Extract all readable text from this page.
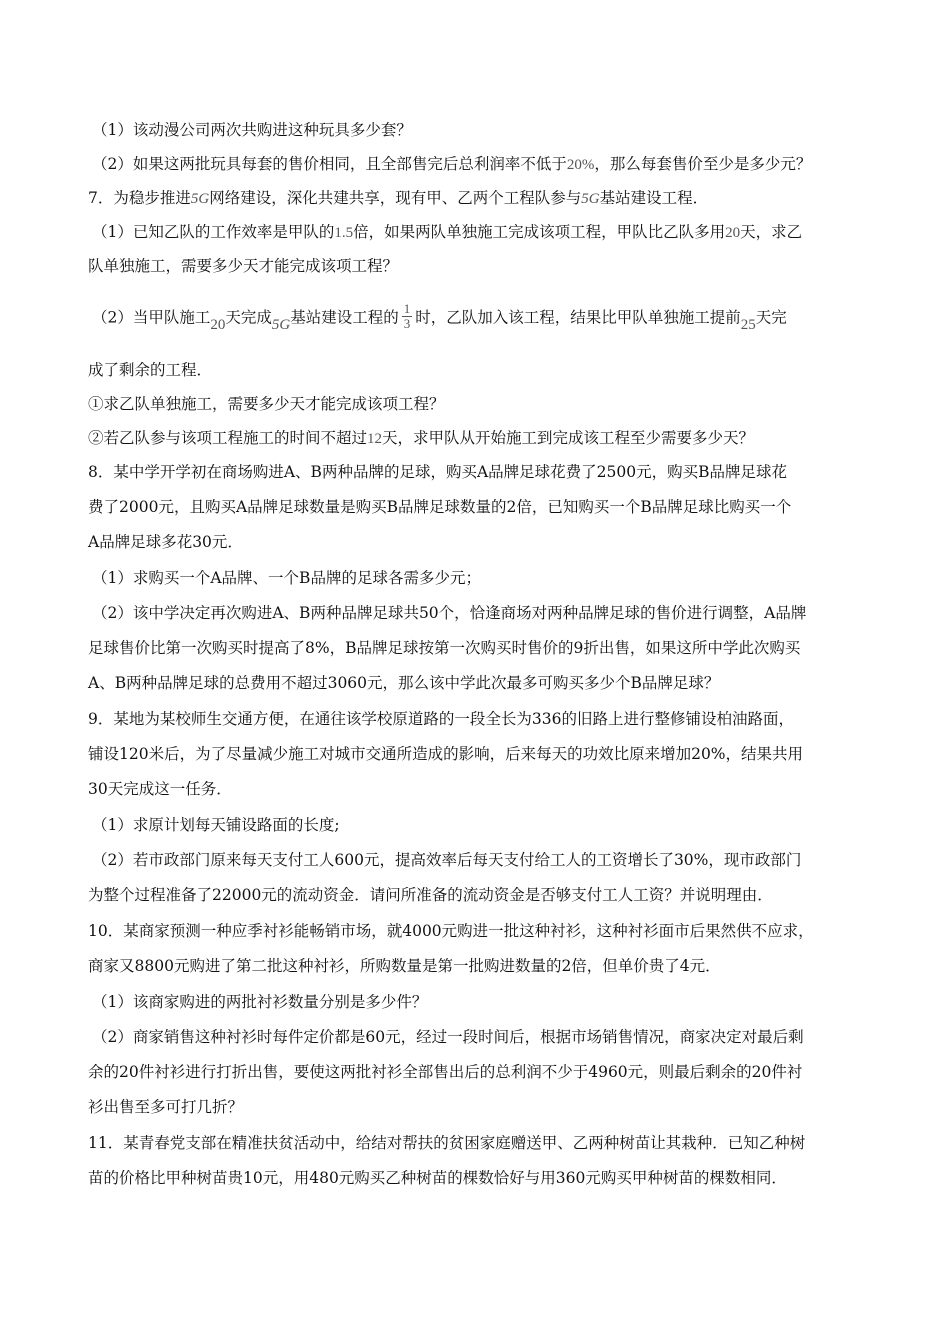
（1）该动漫公司两次共购进这种玩具多少套？
（2）如果这两批玩具每套的售价相同，且全部售完后总利润率不低于20%，那么每套售价至少是多少元？
7．为稳步推进5G网络建设，深化共建共享，现有甲、乙两个工程队参与5G基站建设工程．
（1）已知乙队的工作效率是甲队的1.5倍，如果两队单独施工完成该项工程，甲队比乙队多用20天，求乙
队单独施工，需要多少天才能完成该项工程？
（2）当甲队施工20天完成5G基站建设工程的 $\frac{1}{3}$ 时，乙队加入该工程，结果比甲队单独施工提前25天完
成了剩余的工程．
①求乙队单独施工，需要多少天才能完成该项工程？
②若乙队参与该项工程施工的时间不超过12天，求甲队从开始施工到完成该工程至少需要多少天？
8．某中学开学初在商场购进A、B两种品牌的足球，购买A品牌足球花费了2500元，购买B品牌足球花
费了2000元，且购买A品牌足球数量是购买B品牌足球数量的2倍，已知购买一个B品牌足球比购买一个
A品牌足球多花30元．
（1）求购买一个A品牌、一个B品牌的足球各需多少元；
（2）该中学决定再次购进A、B两种品牌足球共50个，恰逢商场对两种品牌足球的售价进行调整，A品牌
足球售价比第一次购买时提高了8%，B品牌足球按第一次购买时售价的9折出售，如果这所中学此次购买
A、B两种品牌足球的总费用不超过3060元，那么该中学此次最多可购买多少个B品牌足球？
9．某地为某校师生交通方便，在通往该学校原道路的一段全长为336的旧路上进行整修铺设柏油路面，
铺设120米后，为了尽量减少施工对城市交通所造成的影响，后来每天的功效比原来增加20%，结果共用
30天完成这一任务．
（1）求原计划每天铺设路面的长度;
（2）若市政部门原来每天支付工人600元，提高效率后每天支付给工人的工资增长了30%，现市政部门
为整个过程准备了22000元的流动资金．请问所准备的流动资金是否够支付工人工资？并说明理由．
10．某商家预测一种应季衬衫能畅销市场，就4000元购进一批这种衬衫，这种衬衫面市后果然供不应求，
商家又8800元购进了第二批这种衬衫，所购数量是第一批购进数量的2倍，但单价贵了4元．
（1）该商家购进的两批衬衫数量分别是多少件？
（2）商家销售这种衬衫时每件定价都是60元，经过一段时间后，根据市场销售情况，商家决定对最后剩
余的20件衬衫进行打折出售，要使这两批衬衫全部售出后的总利润不少于4960元，则最后剩余的20件衬
衫出售至多可打几折？
11．某青春党支部在精准扶贫活动中，给结对帮扶的贫困家庭赠送甲、乙两种树苗让其栽种．已知乙种树
苗的价格比甲种树苗贵10元，用480元购买乙种树苗的棵数恰好与用360元购买甲种树苗的棵数相同．
